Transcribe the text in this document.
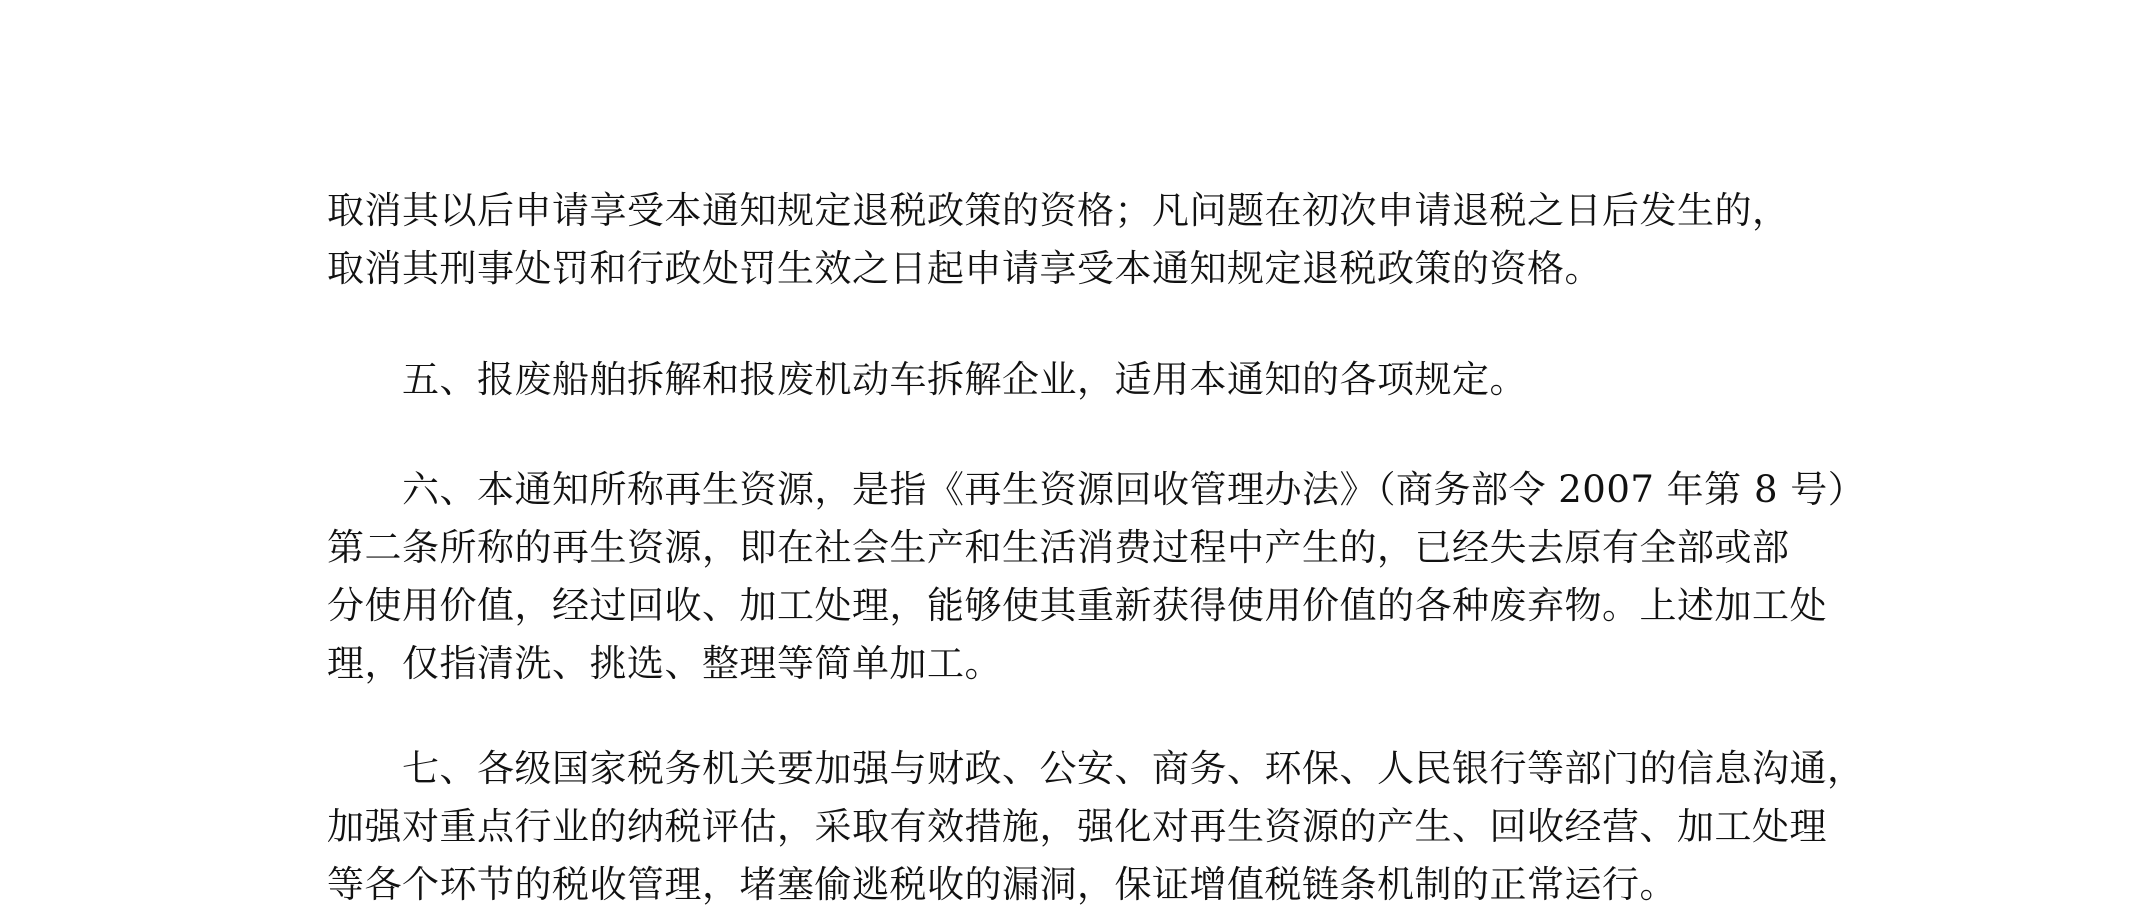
取消其以后申请享受本通知规定退税政策的资格；凡问题在初次申请退税之日后发生的，
取消其刑事处罚和行政处罚生效之日起申请享受本通知规定退税政策的资格。
五、报废船舶拆解和报废机动车拆解企业，适用本通知的各项规定。
六、本通知所称再生资源，是指《再生资源回收管理办法》（商务部令 2007 年第 8 号）
第二条所称的再生资源，即在社会生产和生活消费过程中产生的，已经失去原有全部或部
分使用价值，经过回收、加工处理，能够使其重新获得使用价值的各种废弃物。上述加工处
理，仅指清洗、挑选、整理等简单加工。
七、各级国家税务机关要加强与财政、公安、商务、环保、人民银行等部门的信息沟通，
加强对重点行业的纳税评估，采取有效措施，强化对再生资源的产生、回收经营、加工处理
等各个环节的税收管理，堵塞偷逃税收的漏洞，保证增值税链条机制的正常运行。
